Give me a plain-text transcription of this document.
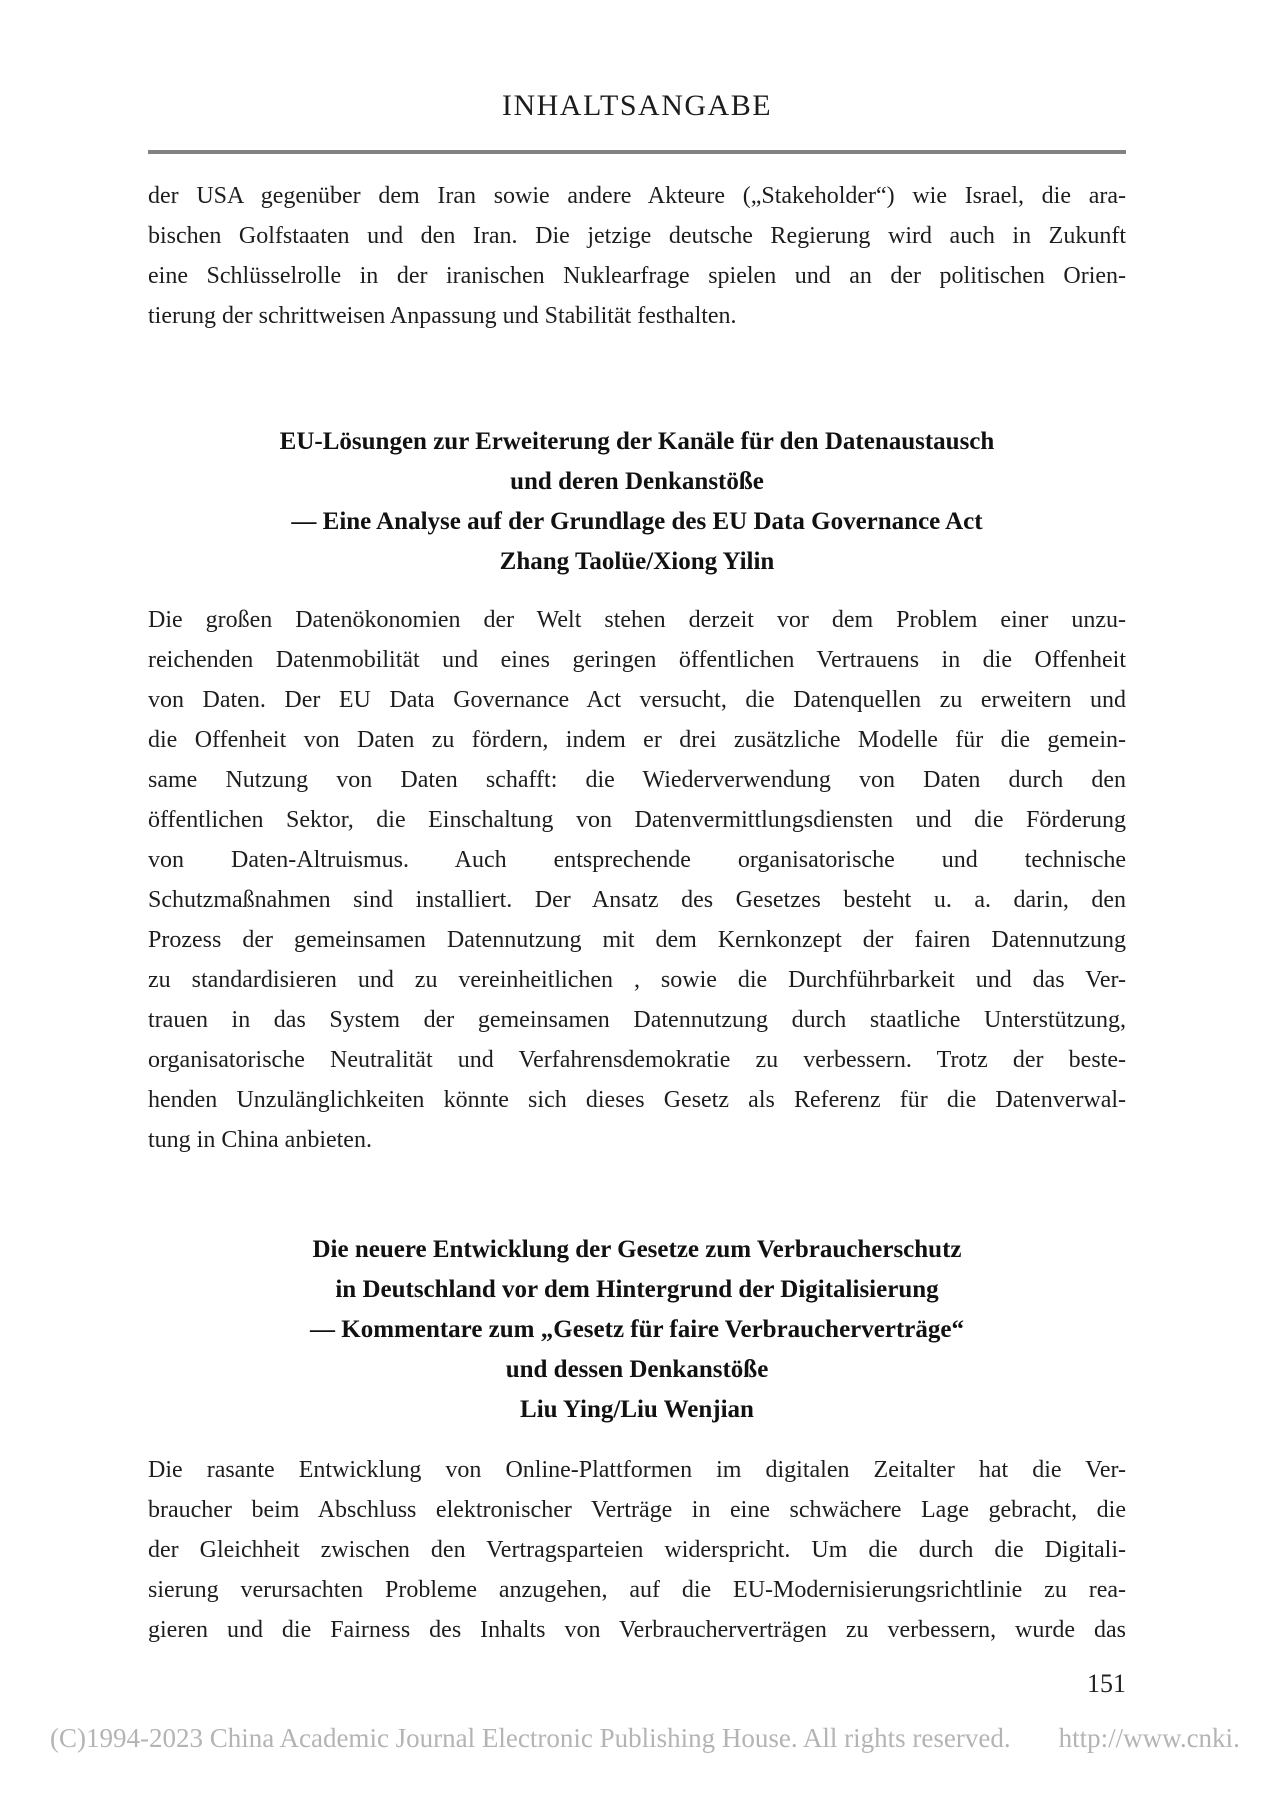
INHALTSANGABE
der USA gegenüber dem Iran sowie andere Akteure („Stakeholder“) wie Israel, die ara-
bischen Golfstaaten und den Iran. Die jetzige deutsche Regierung wird auch in Zukunft
eine Schlüsselrolle in der iranischen Nuklearfrage spielen und an der politischen Orien-
tierung der schrittweisen Anpassung und Stabilität festhalten.
EU-Lösungen zur Erweiterung der Kanäle für den Datenaustausch
und deren Denkanstöße
— Eine Analyse auf der Grundlage des EU Data Governance Act
Zhang Taolüe/Xiong Yilin
Die großen Datenökonomien der Welt stehen derzeit vor dem Problem einer unzu-
reichenden Datenmobilität und eines geringen öffentlichen Vertrauens in die Offenheit
von Daten. Der EU Data Governance Act versucht, die Datenquellen zu erweitern und
die Offenheit von Daten zu fördern, indem er drei zusätzliche Modelle für die gemein-
same Nutzung von Daten schafft: die Wiederverwendung von Daten durch den
öffentlichen Sektor, die Einschaltung von Datenvermittlungsdiensten und die Förderung
von Daten-Altruismus. Auch entsprechende organisatorische und technische
Schutzmaßnahmen sind installiert. Der Ansatz des Gesetzes besteht u. a. darin, den
Prozess der gemeinsamen Datennutzung mit dem Kernkonzept der fairen Datennutzung
zu standardisieren und zu vereinheitlichen , sowie die Durchführbarkeit und das Ver-
trauen in das System der gemeinsamen Datennutzung durch staatliche Unterstützung,
organisatorische Neutralität und Verfahrensdemokratie zu verbessern. Trotz der beste-
henden Unzulänglichkeiten könnte sich dieses Gesetz als Referenz für die Datenverwal-
tung in China anbieten.
Die neuere Entwicklung der Gesetze zum Verbraucherschutz
in Deutschland vor dem Hintergrund der Digitalisierung
— Kommentare zum „Gesetz für faire Verbraucherverträge“
und dessen Denkanstöße
Liu Ying/Liu Wenjian
Die rasante Entwicklung von Online-Plattformen im digitalen Zeitalter hat die Ver-
braucher beim Abschluss elektronischer Verträge in eine schwächere Lage gebracht, die
der Gleichheit zwischen den Vertragsparteien widerspricht. Um die durch die Digitali-
sierung verursachten Probleme anzugehen, auf die EU-Modernisierungsrichtlinie zu rea-
gieren und die Fairness des Inhalts von Verbraucherverträgen zu verbessern, wurde das
151
(C)1994-2023 China Academic Journal Electronic Publishing House. All rights reserved. http://www.cnki.
